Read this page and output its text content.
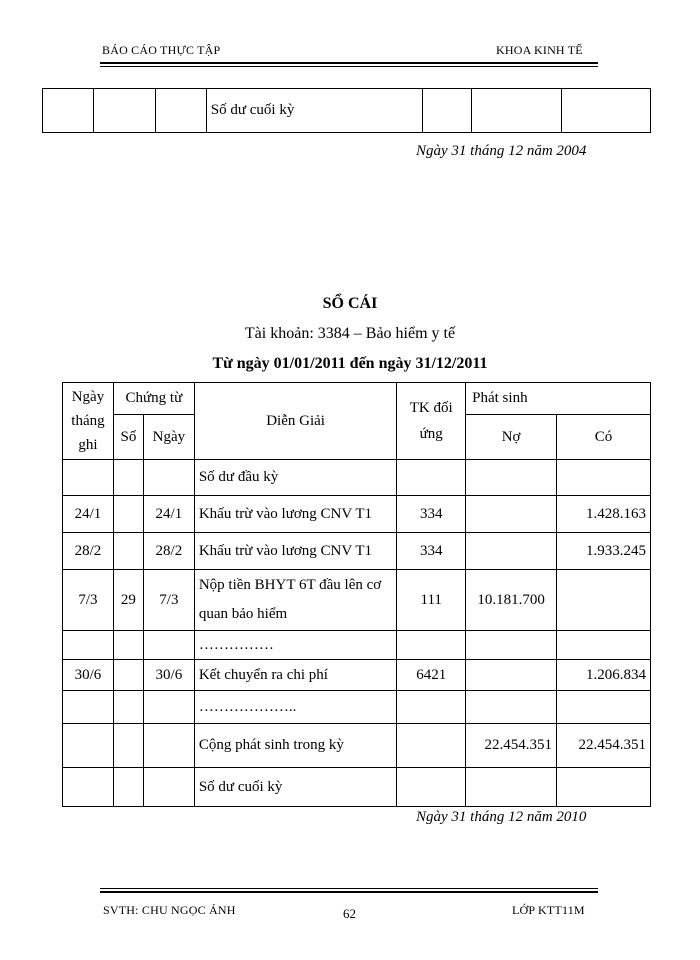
BÁO CÁO THỰC TẬP	KHOA KINH TẾ
			Số dư cuối kỳ			
Ngày 31 tháng 12 năm 2004
SỔ CÁI
Tài khoản: 3384 – Bảo hiểm y tế
Từ ngày 01/01/2011 đến ngày 31/12/2011
Ngày tháng ghi	Chứng từ		Diễn Giải	TK đối ứng	Phát sinh	
	Số	Ngày			Nợ	Có
			Số dư đầu kỳ			
24/1		24/1	Khấu trừ vào lương CNV T1	334		1.428.163
28/2		28/2	Khấu trừ vào lương CNV T1	334		1.933.245
7/3	29	7/3	Nộp tiền BHYT 6T đầu lên cơ quan bảo hiểm	111	10.181.700	
			……………			
30/6		30/6	Kết chuyển ra chi phí	6421		1.206.834
			………………..			
			Cộng phát sinh trong kỳ		22.454.351	22.454.351
			Số dư cuối kỳ			
Ngày 31 tháng 12 năm 2010
SVTH: CHU NGỌC ÁNH	62	LỚP KTT11M
